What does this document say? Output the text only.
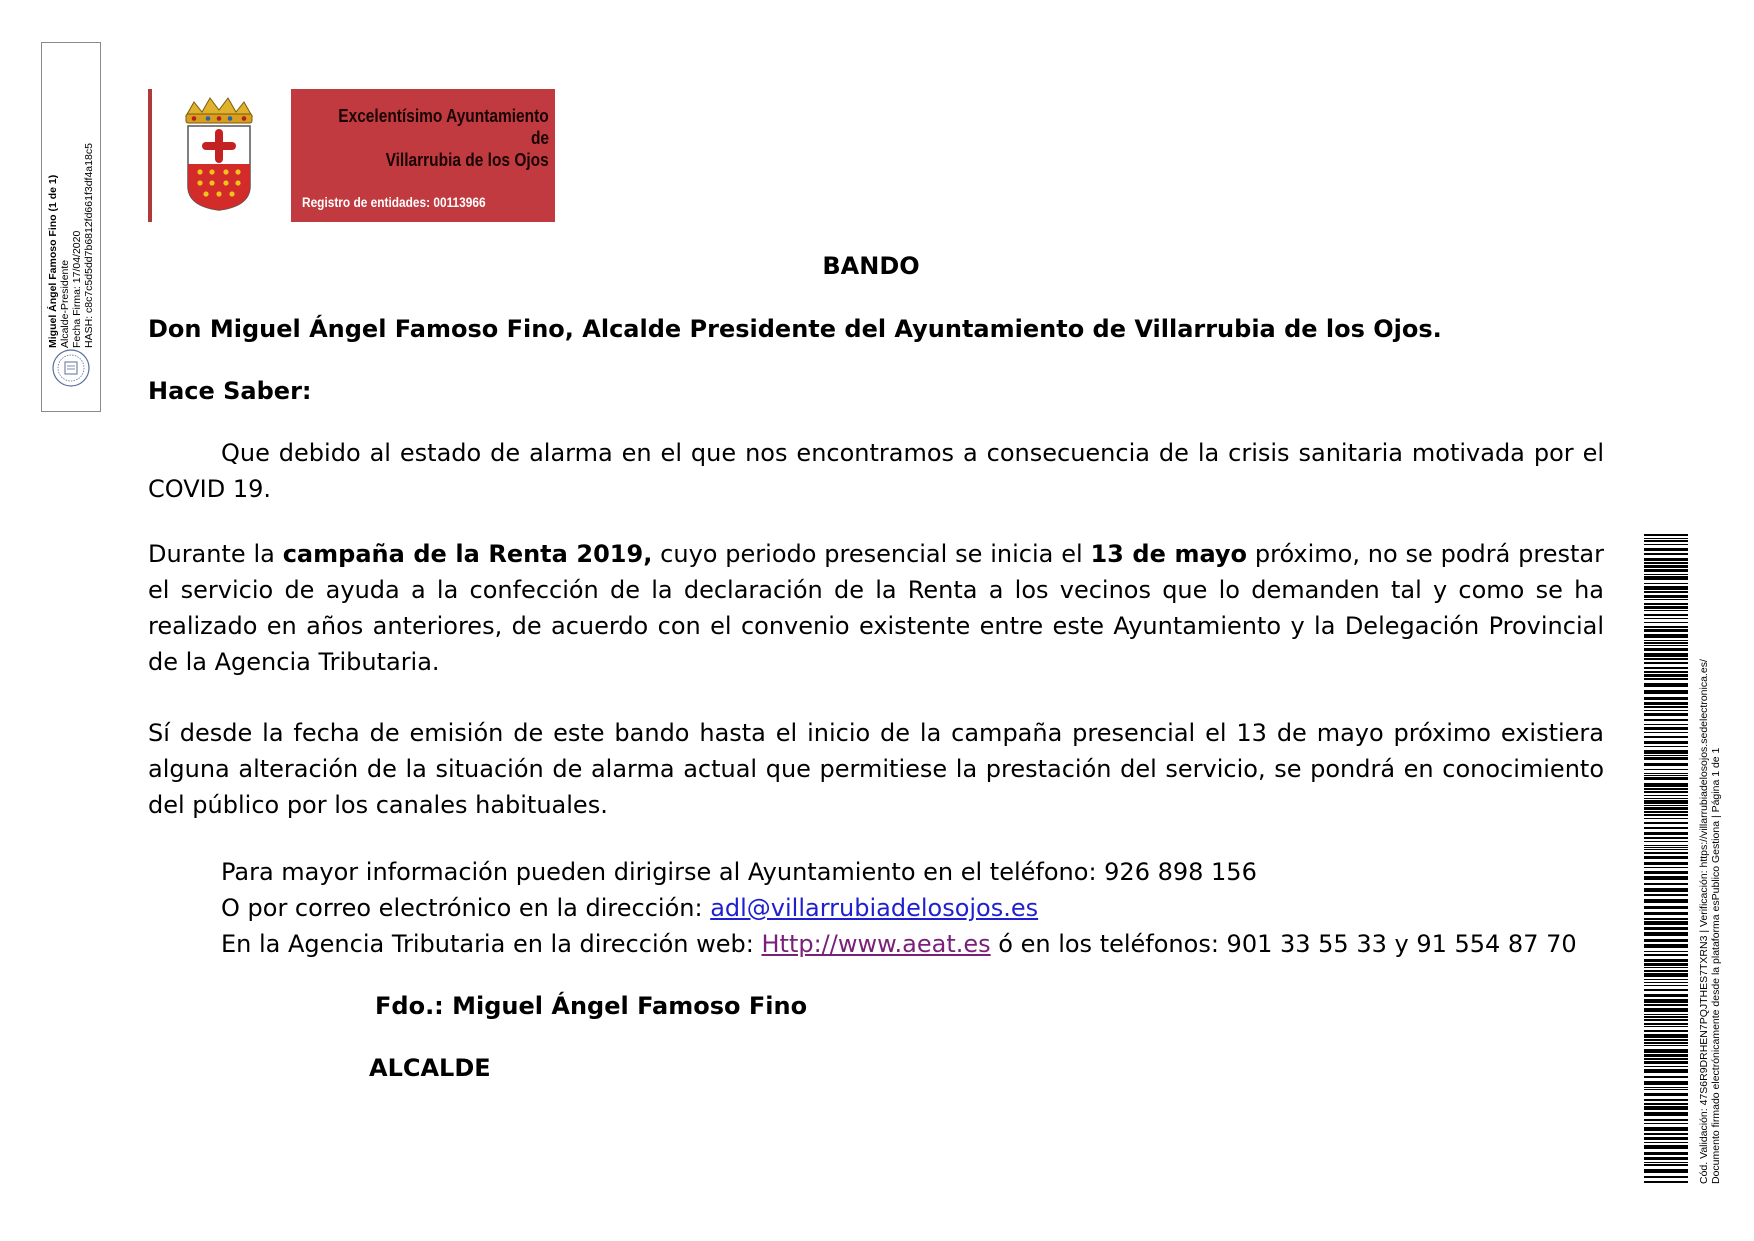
Miguel Ángel Famoso Fino (1 de 1) Alcalde-Presidente Fecha Firma: 17/04/2020 HASH: c8c7c5d5dd7b6812fd661f3df4a18c5
Excelentísimo Ayuntamiento
de
Villarrubia de los Ojos
Registro de entidades: 00113966
BANDO
Don Miguel Ángel Famoso Fino, Alcalde Presidente del Ayuntamiento de Villarrubia de los Ojos.
Hace Saber:
Que debido al estado de alarma en el que nos encontramos a consecuencia de la crisis sanitaria motivada por el COVID 19.
Durante la campaña de la Renta 2019, cuyo periodo presencial se inicia el 13 de mayo próximo, no se podrá prestar el servicio de ayuda a la confección de la declaración de la Renta a los vecinos que lo demanden tal y como se ha realizado en años anteriores, de acuerdo con el convenio existente entre este Ayuntamiento y la Delegación Provincial de la Agencia Tributaria.
Sí desde la fecha de emisión de este bando hasta el inicio de la campaña presencial el 13 de mayo próximo existiera alguna alteración de la situación de alarma actual que permitiese la prestación del servicio, se pondrá en conocimiento del público por los canales habituales.
Para mayor información pueden dirigirse al Ayuntamiento en el teléfono: 926 898 156
O por correo electrónico en la dirección: adl@villarrubiadelosojos.es
En la Agencia Tributaria en la dirección web: Http://www.aeat.es ó en los teléfonos: 901 33 55 33 y 91 554 87 70
Fdo.: Miguel Ángel Famoso Fino
ALCALDE	Cód. Validación: 47S6R9DRHEN7PQJTHES7TXRN3 | Verificación: https://villarrubiadelosojos.sedelectronica.es/ Documento firmado electrónicamente desde la plataforma esPublico Gestiona | Página 1 de 1
